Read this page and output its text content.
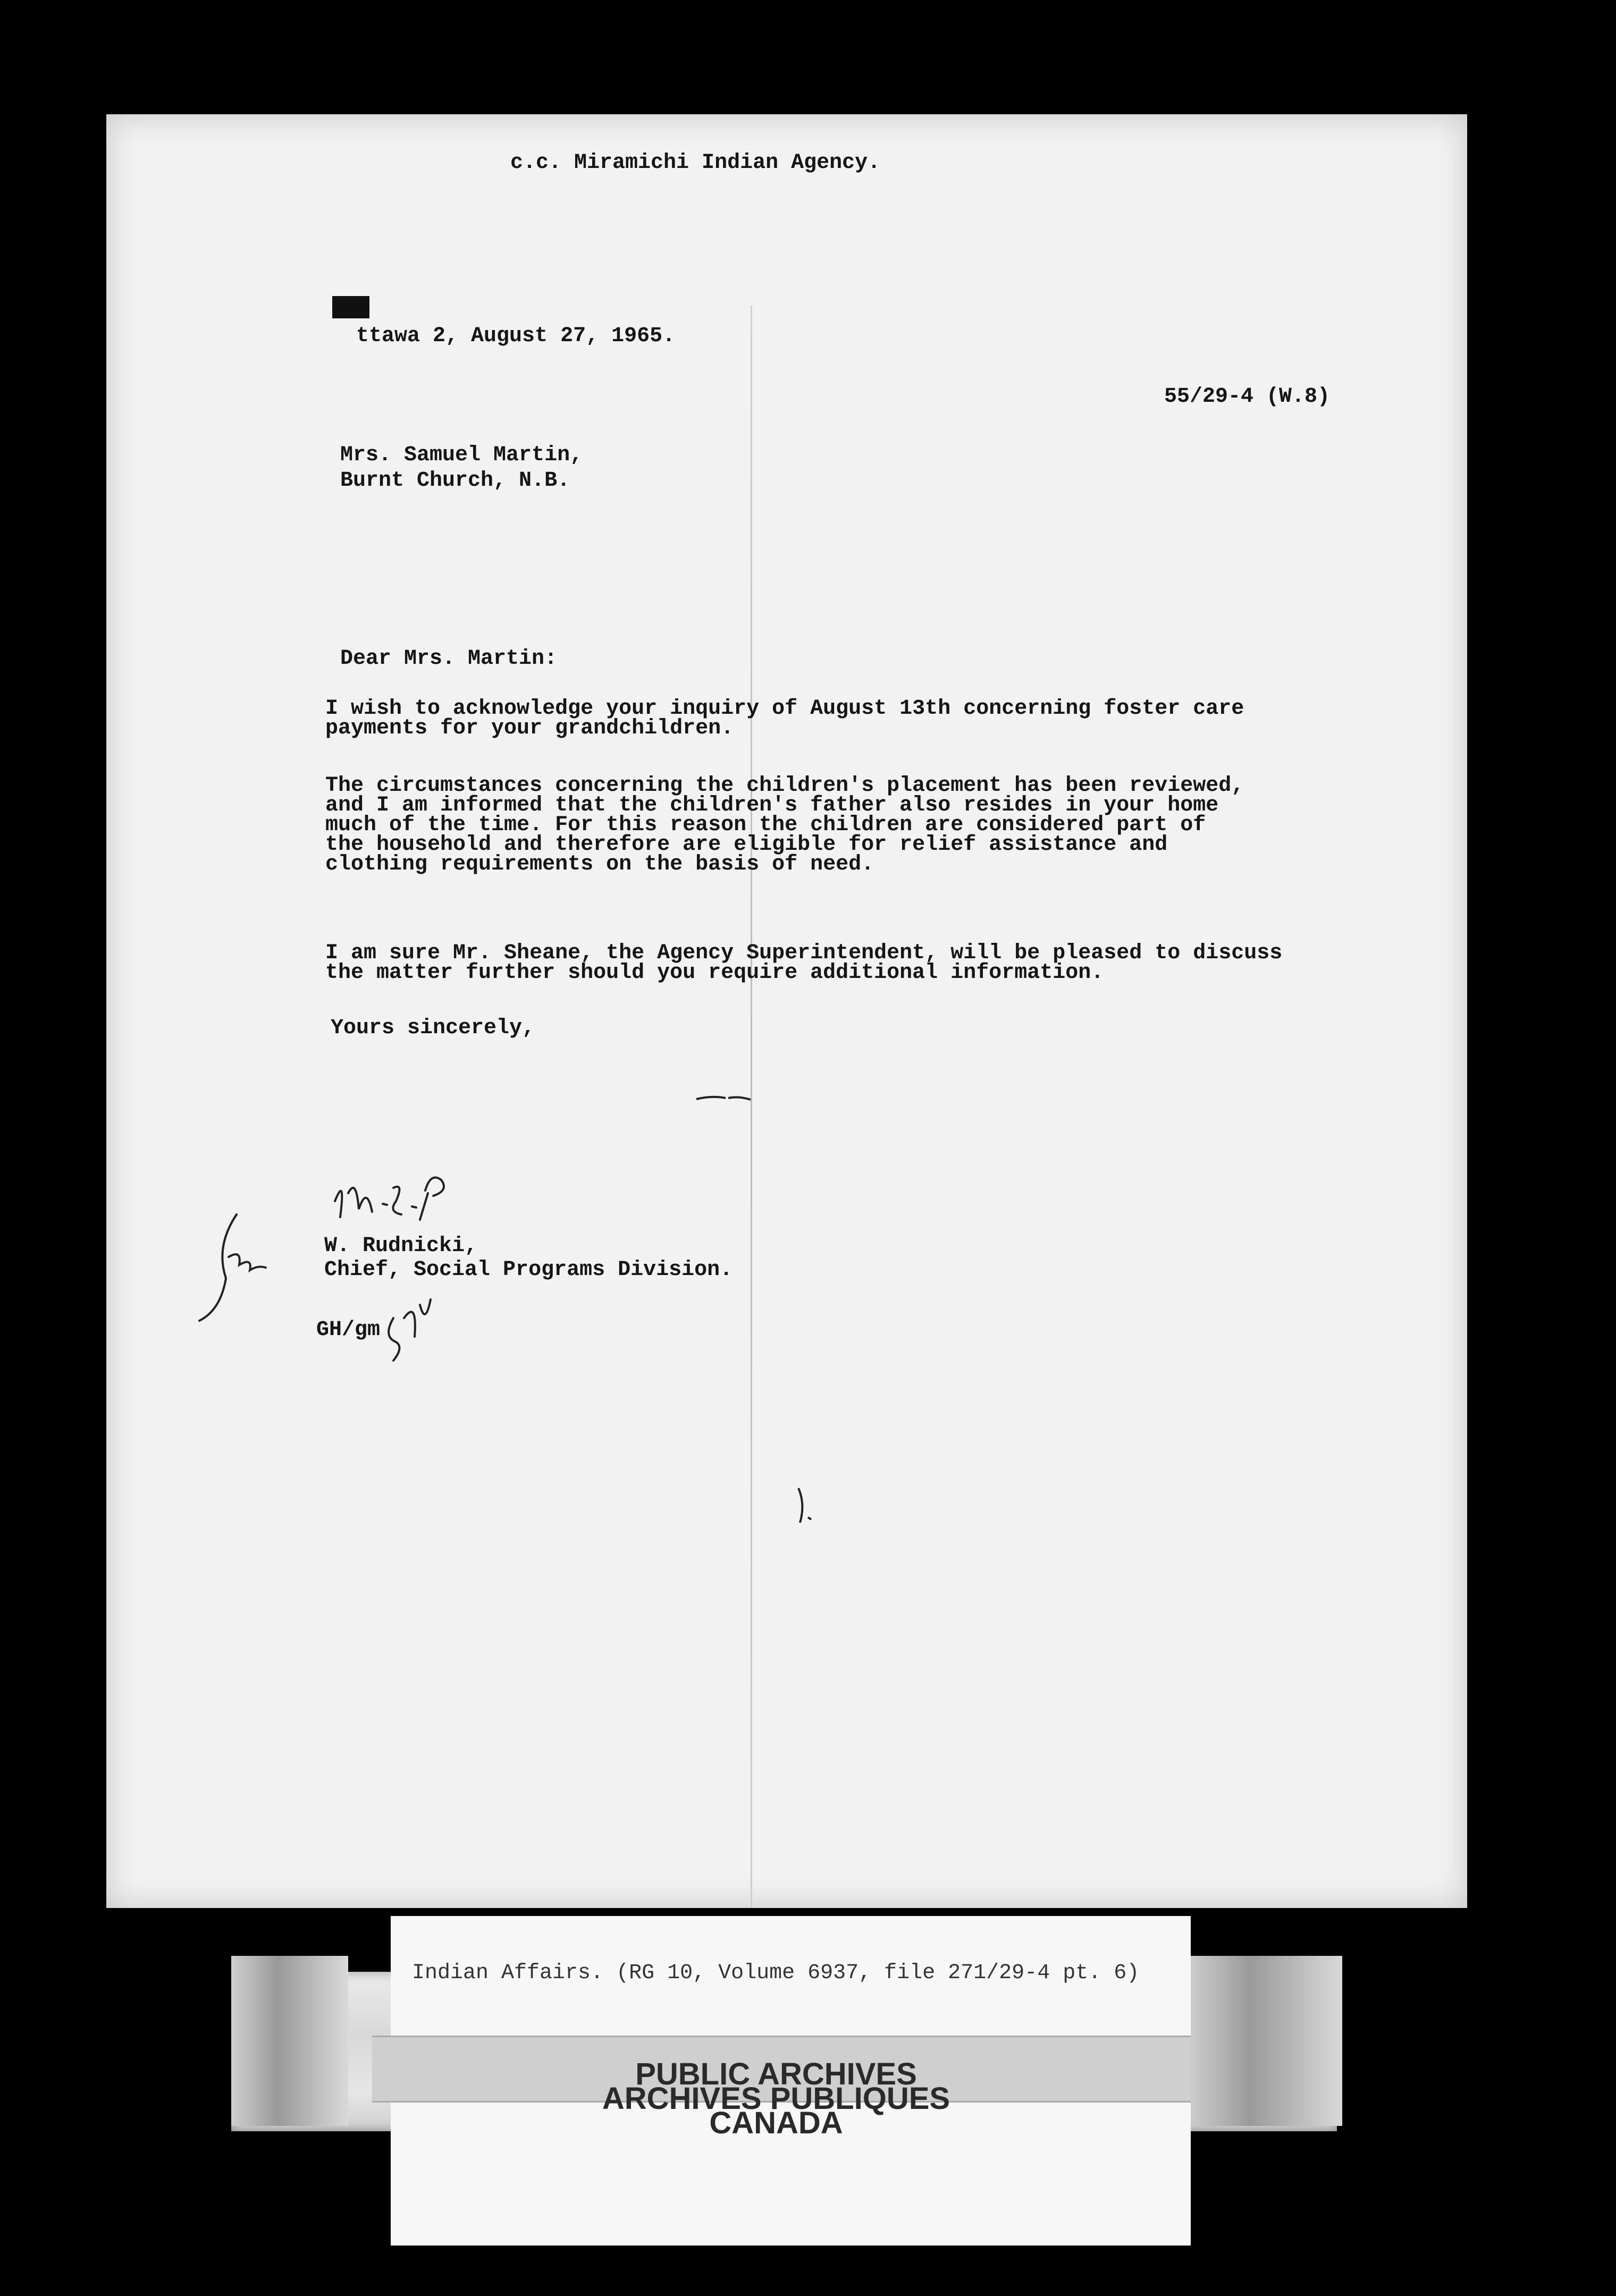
c.c. Miramichi Indian Agency.
ttawa 2, August 27, 1965.
55/29-4 (W.8)
Mrs. Samuel Martin,
Burnt Church, N.B.
Dear Mrs. Martin:
I wish to acknowledge your inquiry of August 13th concerning foster care
payments for your grandchildren.
The circumstances concerning the children's placement has been reviewed,
and I am informed that the children's father also resides in your home
much of the time. For this reason the children are considered part of
the household and therefore are eligible for relief assistance and
clothing requirements on the basis of need.
I am sure Mr. Sheane, the Agency Superintendent, will be pleased to discuss
the matter further should you require additional information.
Yours sincerely,
W. Rudnicki,
Chief, Social Programs Division.
GH/gm
Indian Affairs. (RG 10, Volume 6937, file 271/29-4 pt. 6)
PUBLIC ARCHIVES
ARCHIVES PUBLIQUES
CANADA
